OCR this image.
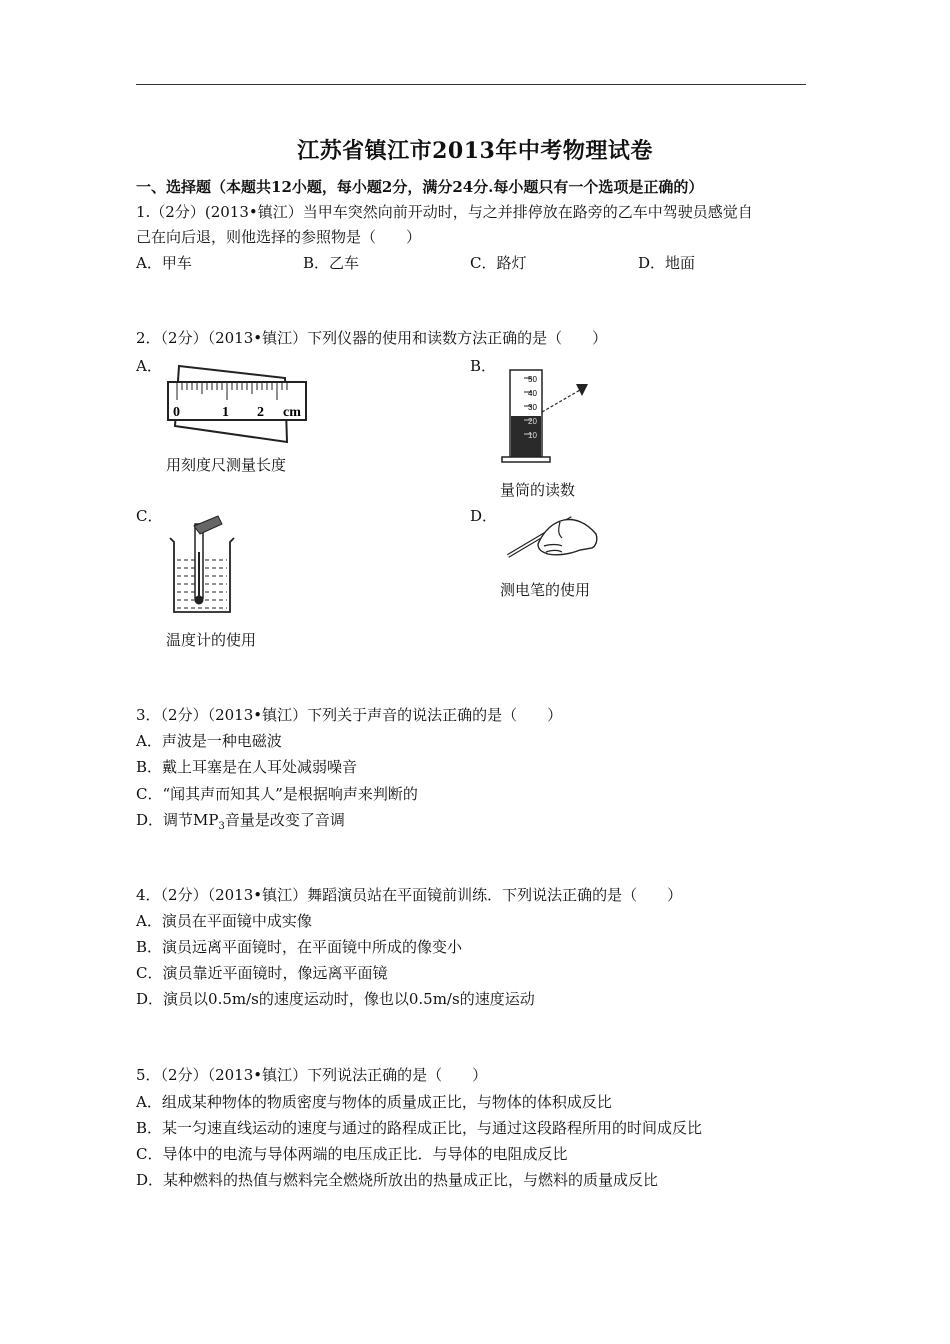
江苏省镇江市2013年中考物理试卷
一、选择题（本题共12小题，每小题2分，满分24分.每小题只有一个选项是正确的）
1.（2分）(2013•镇江）当甲车突然向前开动时，与之并排停放在路旁的乙车中驾驶员感觉自
己在向后退，则他选择的参照物是（　　）
A．甲车	B．乙车	C．路灯	D．地面
2．（2分）（2013•镇江）下列仪器的使用和读数方法正确的是（　　）
A．	B．
0	1 2 cm
用刻度尺测量长度
50
40
30
20
10
量筒的读数
C．	D．
温度计的使用
测电笔的使用
3．（2分）（2013•镇江）下列关于声音的说法正确的是（　　）
A．声波是一种电磁波
B．戴上耳塞是在人耳处减弱噪音
C．“闻其声而知其人”是根据响声来判断的
D．调节$MP_3$音量是改变了音调
4．（2分）（2013•镇江）舞蹈演员站在平面镜前训练．下列说法正确的是（　　）
A．演员在平面镜中成实像
B．演员远离平面镜时，在平面镜中所成的像变小
C．演员靠近平面镜时，像远离平面镜
D．演员以0.5m/s的速度运动时，像也以0.5m/s的速度运动
5．（2分）（2013•镇江）下列说法正确的是（　　）
A．组成某种物体的物质密度与物体的质量成正比，与物体的体积成反比
B．某一匀速直线运动的速度与通过的路程成正比，与通过这段路程所用的时间成反比
C．导体中的电流与导体两端的电压成正比．与导体的电阻成反比
D．某种燃料的热值与燃料完全燃烧所放出的热量成正比，与燃料的质量成反比
